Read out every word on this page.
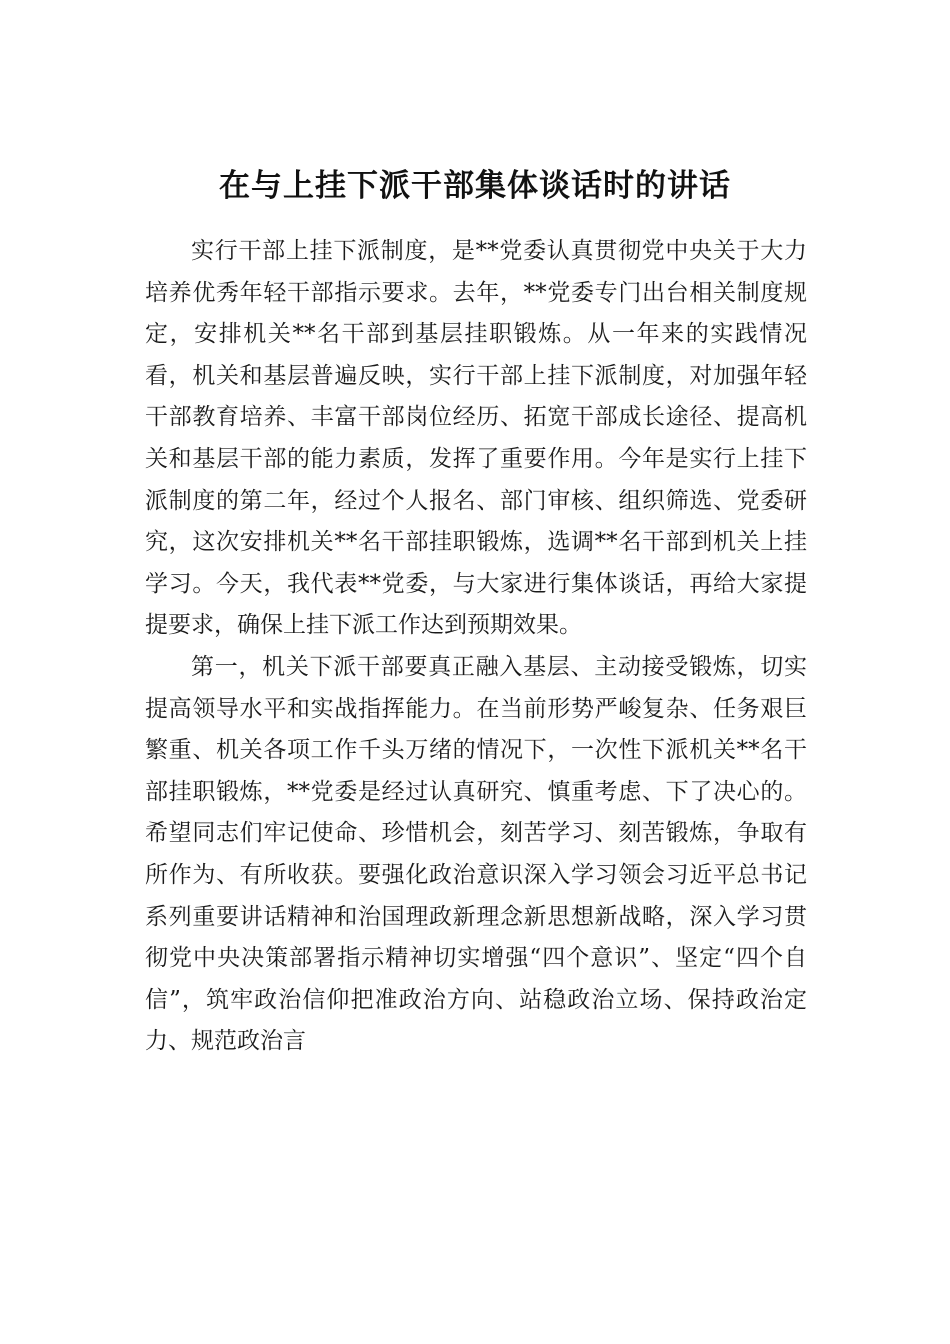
在与上挂下派干部集体谈话时的讲话

实行干部上挂下派制度，是**党委认真贯彻党中央关于大力培养优秀年轻干部指示要求。去年，**党委专门出台相关制度规定，安排机关**名干部到基层挂职锻炼。从一年来的实践情况看，机关和基层普遍反映，实行干部上挂下派制度，对加强年轻干部教育培养、丰富干部岗位经历、拓宽干部成长途径、提高机关和基层干部的能力素质，发挥了重要作用。今年是实行上挂下派制度的第二年，经过个人报名、部门审核、组织筛选、党委研究，这次安排机关**名干部挂职锻炼，选调**名干部到机关上挂学习。今天，我代表**党委，与大家进行集体谈话，再给大家提提要求，确保上挂下派工作达到预期效果。

第一，机关下派干部要真正融入基层、主动接受锻炼，切实提高领导水平和实战指挥能力。在当前形势严峻复杂、任务艰巨繁重、机关各项工作千头万绪的情况下，一次性下派机关**名干部挂职锻炼，**党委是经过认真研究、慎重考虑、下了决心的。希望同志们牢记使命、珍惜机会，刻苦学习、刻苦锻炼，争取有所作为、有所收获。要强化政治意识深入学习领会习近平总书记系列重要讲话精神和治国理政新理念新思想新战略，深入学习贯彻党中央决策部署指示精神切实增强“四个意识”、坚定“四个自信”，筑牢政治信仰把准政治方向、站稳政治立场、保持政治定力、规范政治言
